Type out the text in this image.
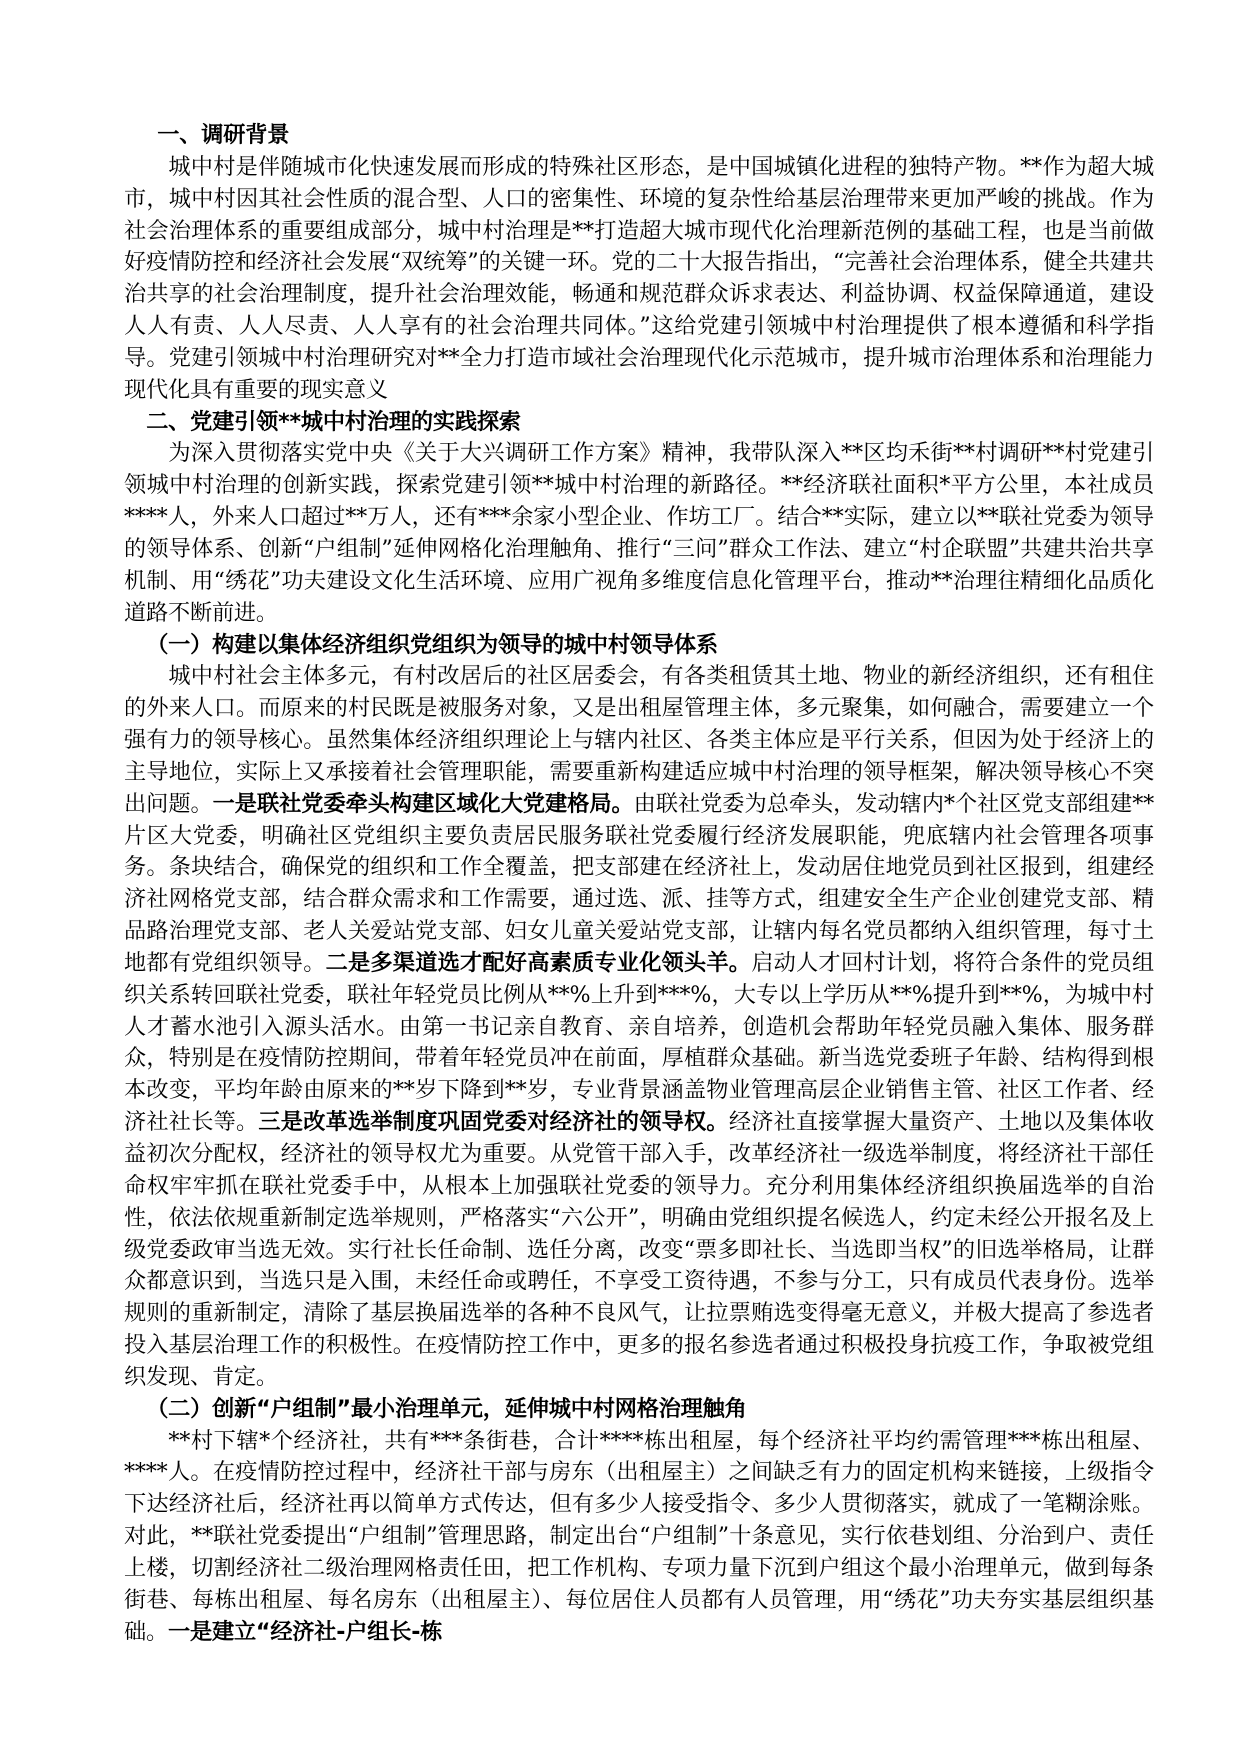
一、调研背景

城中村是伴随城市化快速发展而形成的特殊社区形态，是中国城镇化进程的独特产物。**作为超大城市，城中村因其社会性质的混合型、人口的密集性、环境的复杂性给基层治理带来更加严峻的挑战。作为社会治理体系的重要组成部分，城中村治理是**打造超大城市现代化治理新范例的基础工程，也是当前做好疫情防控和经济社会发展“双统筹”的关键一环。党的二十大报告指出，“完善社会治理体系，健全共建共治共享的社会治理制度，提升社会治理效能，畅通和规范群众诉求表达、利益协调、权益保障通道，建设人人有责、人人尽责、人人享有的社会治理共同体。”这给党建引领城中村治理提供了根本遵循和科学指导。党建引领城中村治理研究对**全力打造市域社会治理现代化示范城市，提升城市治理体系和治理能力现代化具有重要的现实意义

二、党建引领**城中村治理的实践探索

为深入贯彻落实党中央《关于大兴调研工作方案》精神，我带队深入**区均禾街**村调研**村党建引领城中村治理的创新实践，探索党建引领**城中村治理的新路径。**经济联社面积*平方公里，本社成员****人，外来人口超过**万人，还有***余家小型企业、作坊工厂。结合**实际，建立以**联社党委为领导的领导体系、创新“户组制”延伸网格化治理触角、推行“三问”群众工作法、建立“村企联盟”共建共治共享机制、用“绣花”功夫建设文化生活环境、应用广视角多维度信息化管理平台，推动**治理往精细化品质化道路不断前进。

（一）构建以集体经济组织党组织为领导的城中村领导体系

城中村社会主体多元，有村改居后的社区居委会，有各类租赁其土地、物业的新经济组织，还有租住的外来人口。而原来的村民既是被服务对象，又是出租屋管理主体，多元聚集，如何融合，需要建立一个强有力的领导核心。虽然集体经济组织理论上与辖内社区、各类主体应是平行关系，但因为处于经济上的主导地位，实际上又承接着社会管理职能，需要重新构建适应城中村治理的领导框架，解决领导核心不突出问题。一是联社党委牵头构建区域化大党建格局。由联社党委为总牵头，发动辖内*个社区党支部组建**片区大党委，明确社区党组织主要负责居民服务联社党委履行经济发展职能，兜底辖内社会管理各项事务。条块结合，确保党的组织和工作全覆盖，把支部建在经济社上，发动居住地党员到社区报到，组建经济社网格党支部，结合群众需求和工作需要，通过选、派、挂等方式，组建安全生产企业创建党支部、精品路治理党支部、老人关爱站党支部、妇女儿童关爱站党支部，让辖内每名党员都纳入组织管理，每寸土地都有党组织领导。二是多渠道选才配好高素质专业化领头羊。启动人才回村计划，将符合条件的党员组织关系转回联社党委，联社年轻党员比例从**%上升到***%，大专以上学历从**%提升到**%，为城中村人才蓄水池引入源头活水。由第一书记亲自教育、亲自培养，创造机会帮助年轻党员融入集体、服务群众，特别是在疫情防控期间，带着年轻党员冲在前面，厚植群众基础。新当选党委班子年龄、结构得到根本改变，平均年龄由原来的**岁下降到**岁，专业背景涵盖物业管理高层企业销售主管、社区工作者、经济社社长等。三是改革选举制度巩固党委对经济社的领导权。经济社直接掌握大量资产、土地以及集体收益初次分配权，经济社的领导权尤为重要。从党管干部入手，改革经济社一级选举制度，将经济社干部任命权牢牢抓在联社党委手中，从根本上加强联社党委的领导力。充分利用集体经济组织换届选举的自治性，依法依规重新制定选举规则，严格落实“六公开”，明确由党组织提名候选人，约定未经公开报名及上级党委政审当选无效。实行社长任命制、选任分离，改变“票多即社长、当选即当权”的旧选举格局，让群众都意识到，当选只是入围，未经任命或聘任，不享受工资待遇，不参与分工，只有成员代表身份。选举规则的重新制定，清除了基层换届选举的各种不良风气，让拉票贿选变得毫无意义，并极大提高了参选者投入基层治理工作的积极性。在疫情防控工作中，更多的报名参选者通过积极投身抗疫工作，争取被党组织发现、肯定。

（二）创新“户组制”最小治理单元，延伸城中村网格治理触角

**村下辖*个经济社，共有***条街巷，合计****栋出租屋，每个经济社平均约需管理***栋出租屋、****人。在疫情防控过程中，经济社干部与房东（出租屋主）之间缺乏有力的固定机构来链接，上级指令下达经济社后，经济社再以简单方式传达，但有多少人接受指令、多少人贯彻落实，就成了一笔糊涂账。对此，**联社党委提出“户组制”管理思路，制定出台“户组制”十条意见，实行依巷划组、分治到户、责任上楼，切割经济社二级治理网格责任田，把工作机构、专项力量下沉到户组这个最小治理单元，做到每条街巷、每栋出租屋、每名房东（出租屋主）、每位居住人员都有人员管理，用“绣花”功夫夯实基层组织基础。一是建立“经济社-户组长-栋
